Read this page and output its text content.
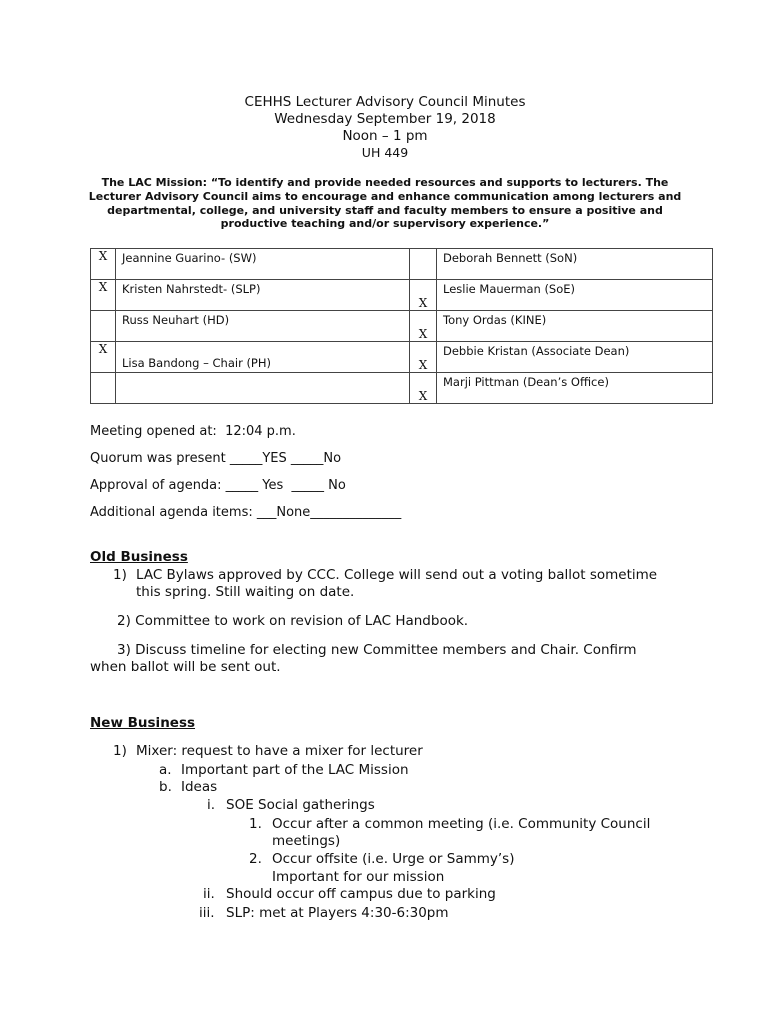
CEHHS Lecturer Advisory Council Minutes
Wednesday September 19, 2018
Noon – 1 pm
UH 449
The LAC Mission: “To identify and provide needed resources and supports to lecturers. The Lecturer Advisory Council aims to encourage and enhance communication among lecturers and departmental, college, and university staff and faculty members to ensure a positive and productive teaching and/or supervisory experience.”
X	Jeannine Guarino- (SW)		Deborah Bennett (SoN)
X	Kristen Nahrstedt- (SLP)	X	Leslie Mauerman (SoE)
	Russ Neuhart (HD)	X	Tony Ordas (KINE)
X	Lisa Bandong – Chair (PH)	X	Debbie Kristan (Associate Dean)
		X	Marji Pittman (Dean’s Office)
Meeting opened at:  12:04 p.m.
Quorum was present _____YES _____No
Approval of agenda: _____ Yes  _____ No
Additional agenda items: ___None______________
Old Business
1) LAC Bylaws approved by CCC. College will send out a voting ballot sometime
this spring. Still waiting on date.
2) Committee to work on revision of LAC Handbook.
3) Discuss timeline for electing new Committee members and Chair. Confirm
when ballot will be sent out.
New Business
1) Mixer: request to have a mixer for lecturer
a. Important part of the LAC Mission
b. Ideas
i. SOE Social gatherings
1. Occur after a common meeting (i.e. Community Council
meetings)
2. Occur offsite (i.e. Urge or Sammy’s)
Important for our mission
ii. Should occur off campus due to parking
iii. SLP: met at Players 4:30-6:30pm
